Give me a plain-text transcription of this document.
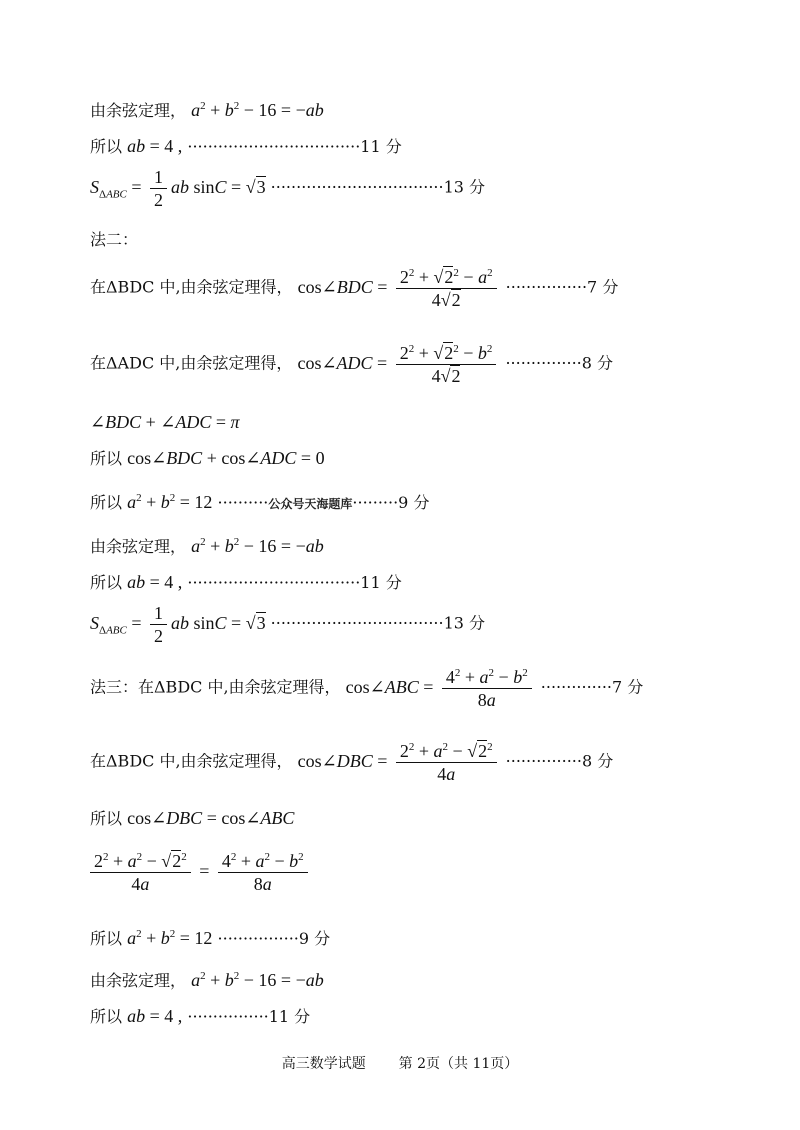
由余弦定理， $a^2 + b^2 - 16 = -ab$
所以 ab = 4 , ··································11 分
$S_{\Delta ABC} = \frac{1}{2}$ ab sinC = √3 ··································13 分
法二：
在ΔBDC 中,由余弦定理得， cos∠BDC = $\frac{2^2 + √2^2 - a^2}{4√2} \cdot\cdot\cdot\cdot\cdot\cdot\cdot\cdot\cdot\cdot\cdot\cdot\cdot\cdot\cdot\cdot 7$ 分
在ΔADC 中,由余弦定理得， cos∠ADC = $\frac{2^2 + √2^2 - b^2}{4√2} \cdot\cdot\cdot\cdot\cdot\cdot\cdot\cdot\cdot\cdot\cdot\cdot\cdot\cdot\cdot 8$ 分
∠BDC + ∠ADC = π
所以 cos∠BDC + cos∠ADC = 0
所以 $a^2 + b^2 = 12$ ··········公众号天海题库·········9 分
由余弦定理， $a^2 + b^2 - 16 = -ab$
所以 ab = 4 , ··································11 分
$S_{\Delta ABC} = \frac{1}{2}$ ab sinC = √3 ··································13 分
法三：在ΔBDC 中,由余弦定理得， cos∠ABC = $\frac{4^2 + a^2 - b^2}{8a} \cdot\cdot\cdot\cdot\cdot\cdot\cdot\cdot\cdot\cdot\cdot\cdot\cdot\cdot 7$ 分
在ΔBDC 中,由余弦定理得， cos∠DBC = $\frac{2^2 + a^2 - √2^2}{4a} \cdot\cdot\cdot\cdot\cdot\cdot\cdot\cdot\cdot\cdot\cdot\cdot\cdot\cdot\cdot 8$ 分
所以 cos∠DBC = cos∠ABC
$\frac{2^2 + a^2 - √2^2}{4a} = \frac{4^2 + a^2 - b^2}{8a}$
所以 $a^2 + b^2 = 12 \cdot\cdot\cdot\cdot\cdot\cdot\cdot\cdot\cdot\cdot\cdot\cdot\cdot\cdot\cdot\cdot 9$ 分
由余弦定理， $a^2 + b^2 - 16 = -ab$
所以 ab = 4 , ················11 分
高三数学试题 第 2页（共 11页）
